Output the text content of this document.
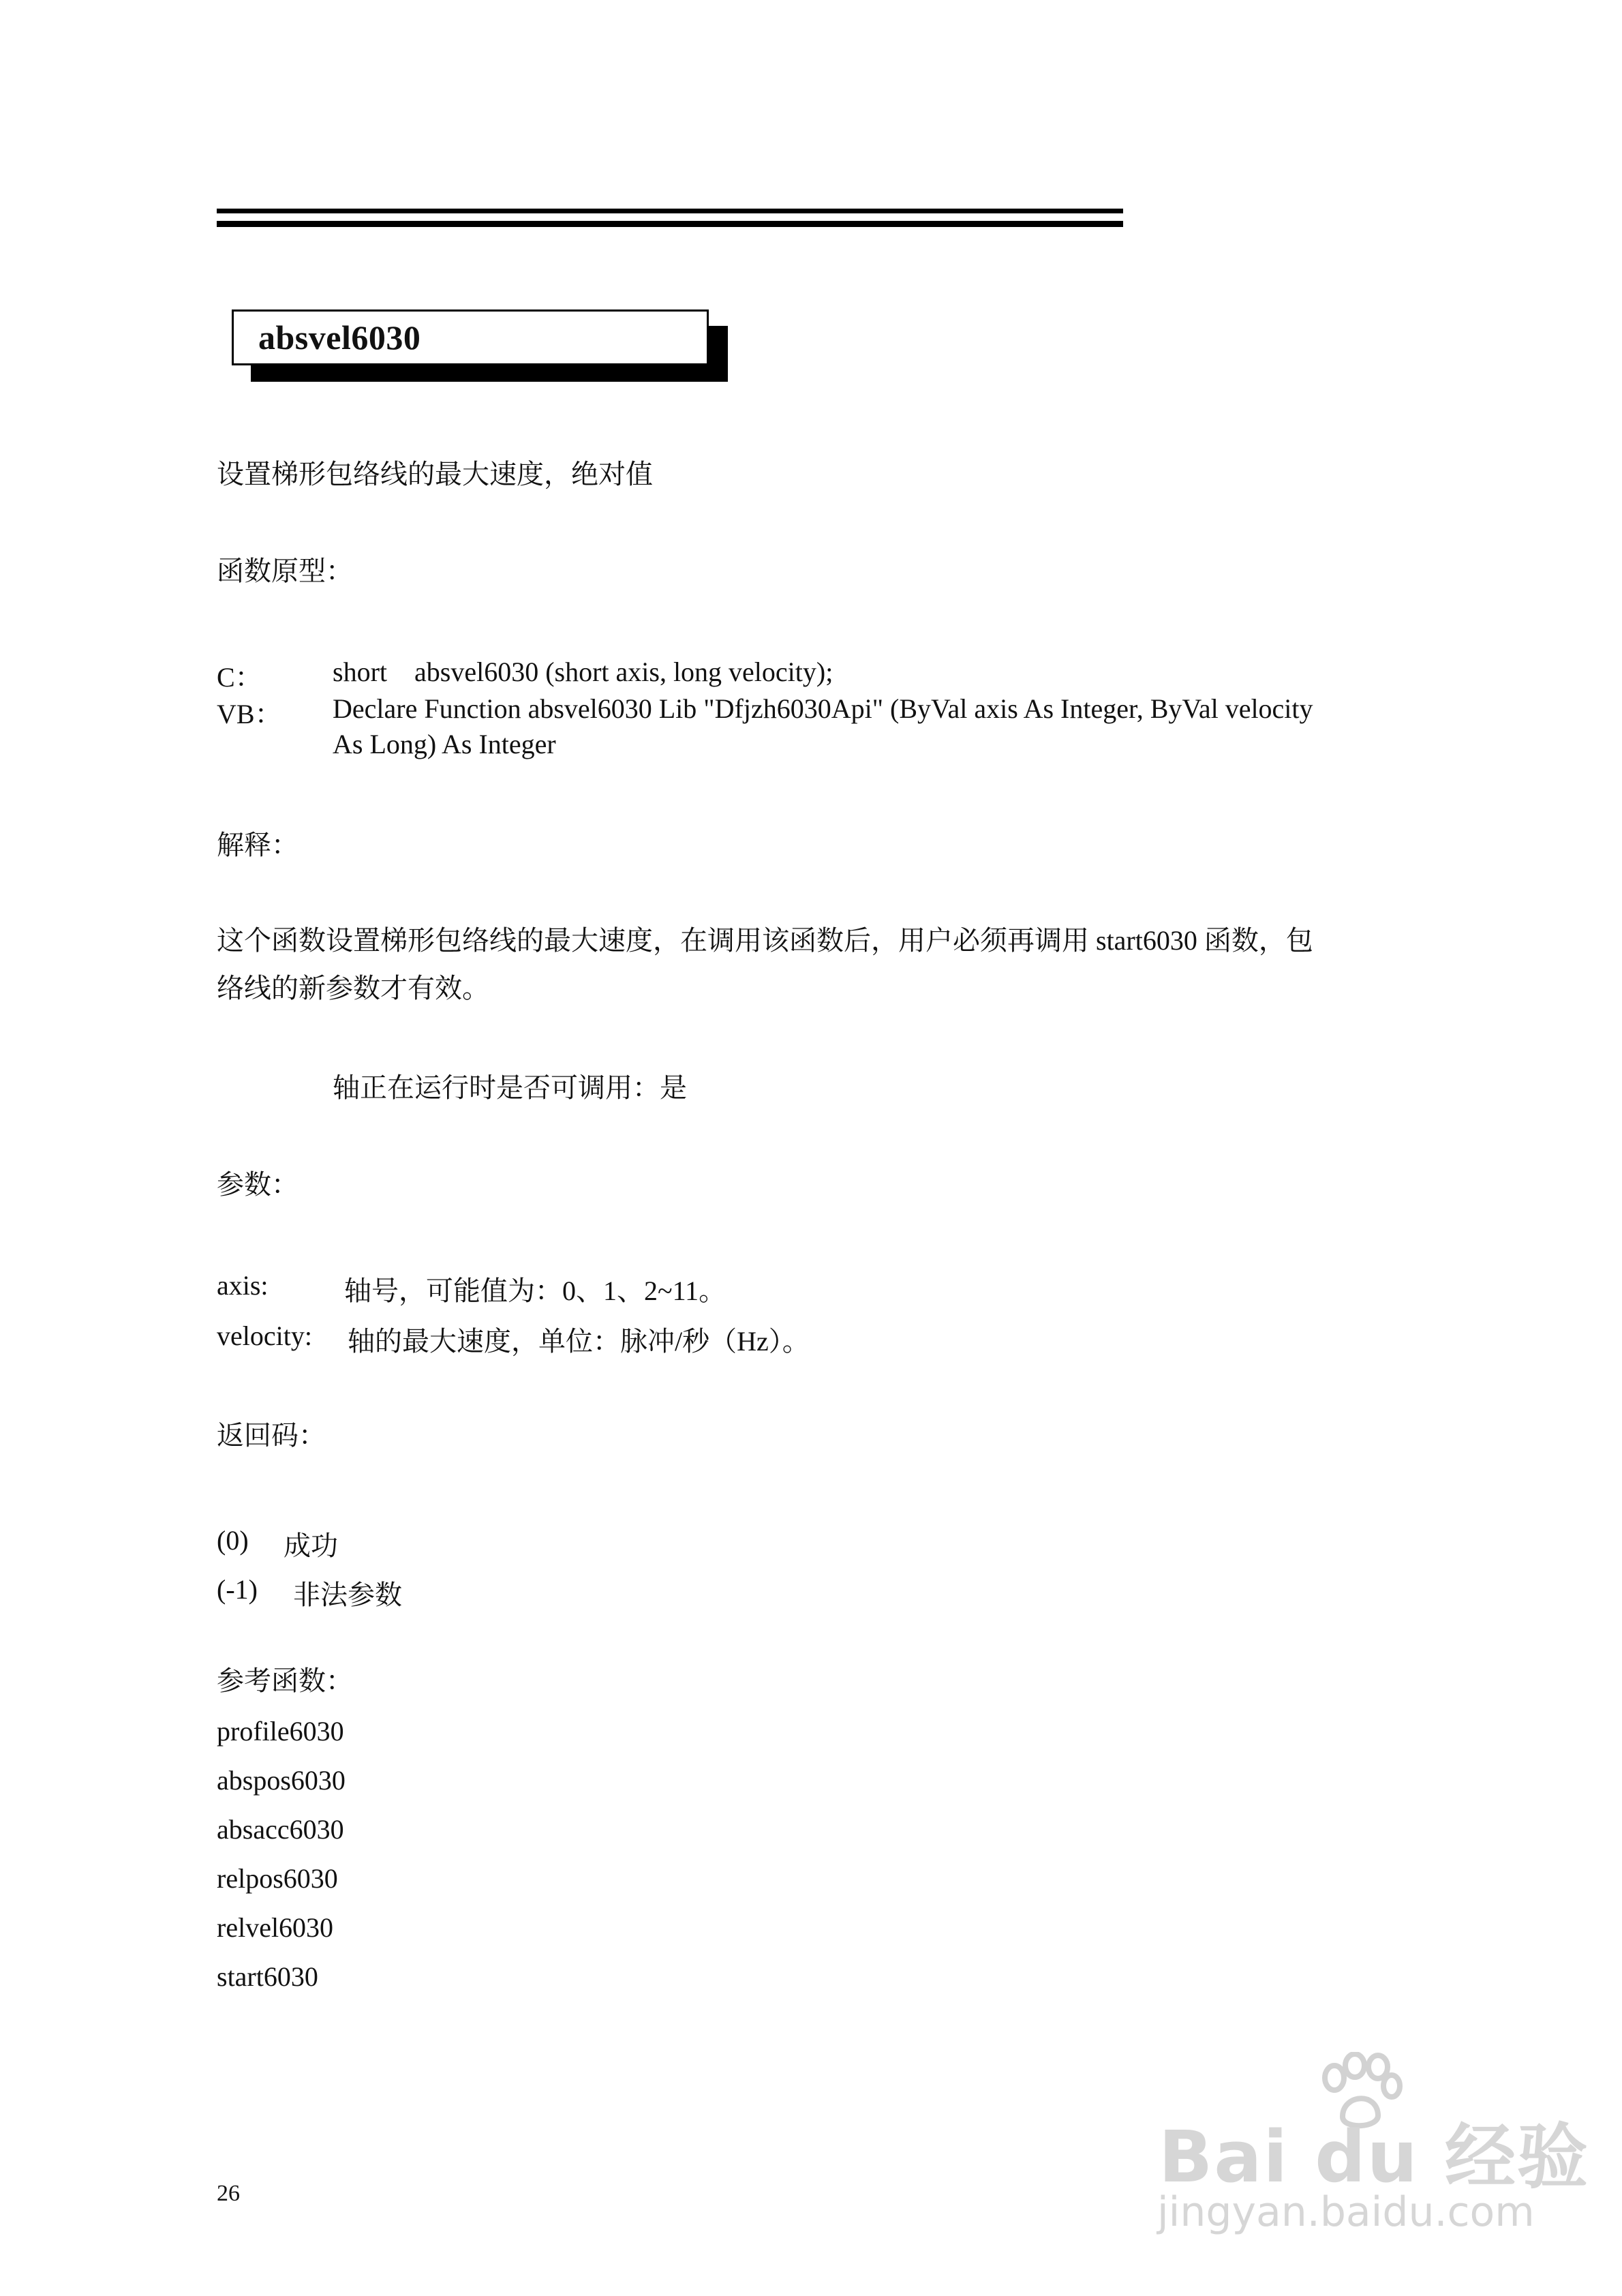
absvel6030
设置梯形包络线的最大速度，绝对值
函数原型：
C：	short    absvel6030 (short axis, long velocity);
VB： Declare Function absvel6030 Lib "Dfjzh6030Api" (ByVal axis As Integer, ByVal velocity
As Long) As Integer
解释：
这个函数设置梯形包络线的最大速度，在调用该函数后，用户必须再调用 start6030 函数，包
络线的新参数才有效。
轴正在运行时是否可调用：是
参数：
axis:	轴号，可能值为：0、1、2~11。
velocity: 轴的最大速度，单位：脉冲/秒（Hz）。
返回码：
(0) 成功
(-1) 非法参数
参考函数：
profile6030
abspos6030
absacc6030
relpos6030
relvel6030
start6030
26	Bai du 经验
jingyan.baidu.com
